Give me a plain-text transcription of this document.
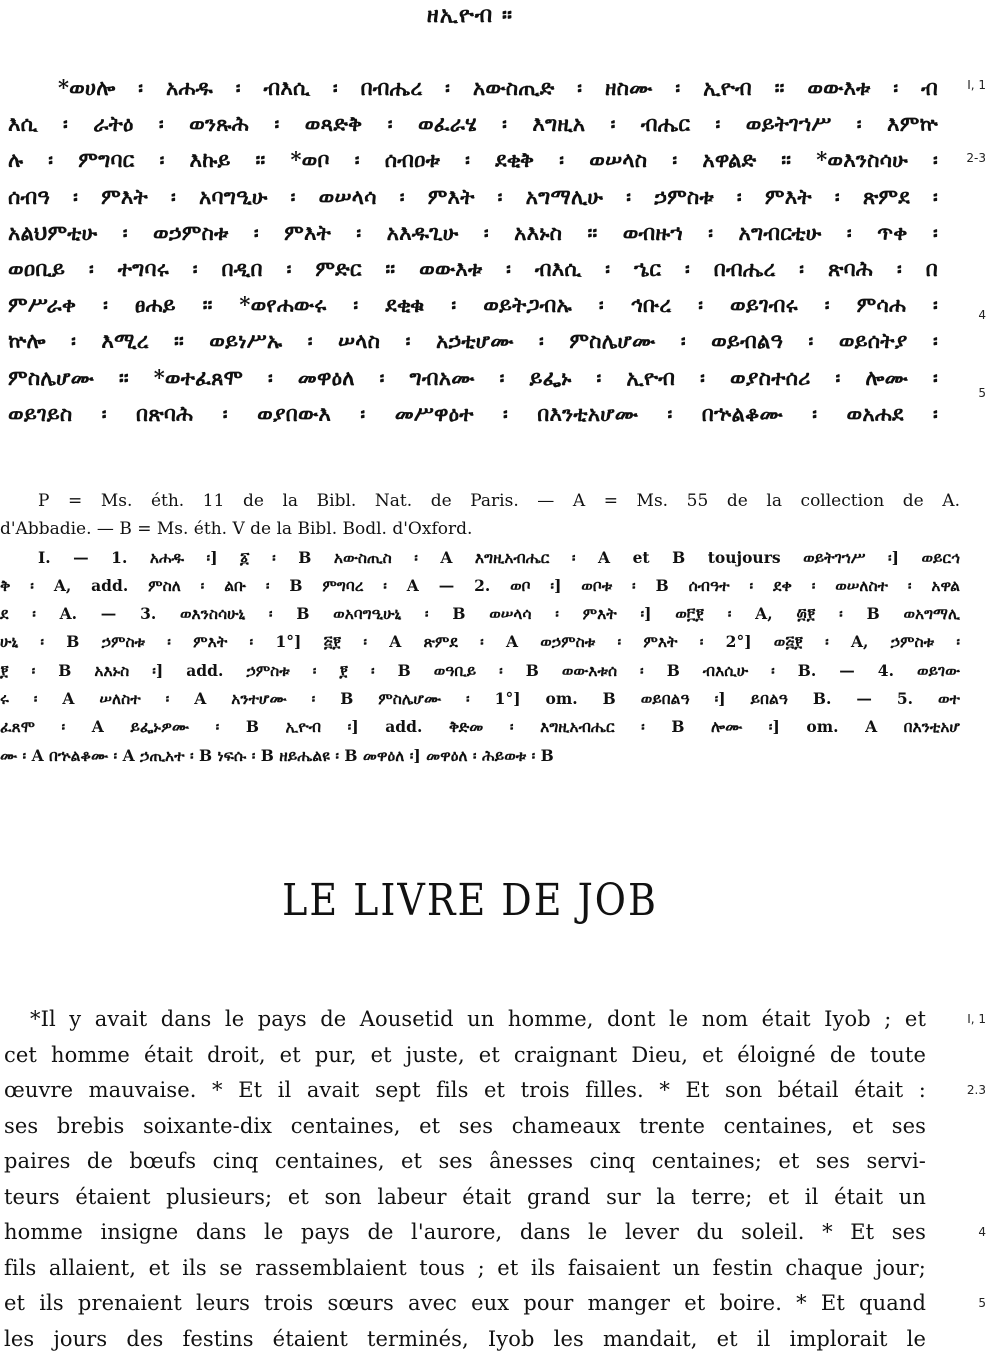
ዘኢዮብ ።
*ወሀሎ ፡ አሐዱ ፡ ብእሲ ፡ በብሔረ ፡ አውስጢድ ፡ ዘስሙ ፡ ኢዮብ ። ወውእቱ ፡ ብ
እሲ ፡ ራትዕ ፡ ወንጹሕ ፡ ወጻድቅ ፡ ወፈራሄ ፡ እግዚአ ፡ ብሔር ፡ ወይትገኀሥ ፡ እምኵ
ሉ ፡ ምግባር ፡ እኩይ ። *ወቦ ፡ ሰብዐቱ ፡ ደቂቅ ፡ ወሠላስ ፡ አዋልድ ። *ወእንስሳሁ ፡
ሰብዓ ፡ ምእት ፡ አባግዒሁ ፡ ወሠላሳ ፡ ምእት ፡ አግማሊሁ ፡ ኃምስቱ ፡ ምእት ፡ ጽምደ ፡
አልህምቲሁ ፡ ወኃምስቱ ፡ ምእት ፡ አእዱጊሁ ፡ አእኑስ ። ወብዙኀ ፡ አግብርቲሁ ፡ ጥቀ ፡
ወዐቢይ ፡ ተግባሩ ፡ በዲበ ፡ ምድር ። ወውእቱ ፡ ብእሲ ፡ ኄር ፡ በብሔረ ፡ ጽባሕ ፡ በ
ምሥራቀ ፡ ፀሐይ ። *ወየሐውሩ ፡ ደቂቁ ፡ ወይትጋብኡ ፡ ኅቡረ ፡ ወይገብሩ ፡ ምሳሐ ፡
ኵሎ ፡ እሚረ ። ወይነሥኡ ፡ ሠላስ ፡ አኃቲሆሙ ፡ ምስሌሆሙ ፡ ወይብልዓ ፡ ወይሰትያ ፡
ምስሌሆሙ ። *ወተፈጸሞ ፡ መዋዕለ ፡ ግብአሙ ፡ ይፌኑ ፡ ኢዮብ ፡ ወያስተሰሪ ፡ ሎሙ ፡
ወይገይስ ፡ በጽባሕ ፡ ወያበውእ ፡ መሥዋዕተ ፡ በእንቲአሆሙ ፡ በኍልቆሙ ፡ ወአሐደ ፡
I, 1
2-3
4
5
P = Ms. éth. 11 de la Bibl. Nat. de Paris. — A = Ms. 55 de la collection de A.
d'Abbadie. — B = Ms. éth. V de la Bibl. Bodl. d'Oxford.
I. — 1. አሐዱ ፡] ፩ ፡ B አውስጢስ ፡ A እግዚአብሔር ፡ A et B toujours ወይትገኀሥ ፡] ወይርኅ
ቅ ፡ A, add. ምስለ ፡ ልቡ ፡ B ምግባረ ፡ A — 2. ወቦ ፡] ወቦቱ ፡ B ሰብዓተ ፡ ደቀ ፡ ወሠለስተ ፡ አዋል
ደ ፡ A. — 3. ወእንስሳሁኒ ፡ B ወአባግዒሁኒ ፡ B ወሠላሳ ፡ ምእት ፡] ወ፫፻ ፡ A, ፴፻ ፡ B ወአግማሊ
ሁኒ ፡ B ኃምስቱ ፡ ምእት ፡ 1°] ፭፻ ፡ A ጽምደ ፡ A ወኃምስቱ ፡ ምእት ፡ 2°] ወ፭፻ ፡ A, ኃምስቱ ፡
፻ ፡ B አእኑስ ፡] add. ኃምስቱ ፡ ፻ ፡ B ወዓቢይ ፡ B ወውእቱሰ ፡ B ብእሲሁ ፡ B. — 4. ወይገው
ሩ ፡ A ሠለስተ ፡ A አንተሆሙ ፡ B ምስሌሆሙ ፡ 1°] om. B ወይበልዓ ፡] ይበልዓ B. — 5. ወተ
ፈጸሞ ፡ A ይፌኑዎሙ ፡ B ኢዮብ ፡] add. ቅድመ ፡ እግዚአብሔር ፡ B ሎሙ ፡] om. A በእንቲአሆ
ሙ ፡ A በኍልቆሙ ፡ A ኃጢአተ ፡ B ነፍሱ ፡ B ዘይሔልዩ ፡ B መዋዕለ ፡] መዋዕለ ፡ ሕይወቱ ፡ B
LE LIVRE DE JOB
*Il y avait dans le pays de Aousetid un homme, dont le nom était Iyob ; et
cet homme était droit, et pur, et juste, et craignant Dieu, et éloigné de toute
œuvre mauvaise. * Et il avait sept fils et trois filles. * Et son bétail était :
ses brebis soixante-dix centaines, et ses chameaux trente centaines, et ses
paires de bœufs cinq centaines, et ses ânesses cinq centaines; et ses servi-
teurs étaient plusieurs; et son labeur était grand sur la terre; et il était un
homme insigne dans le pays de l'aurore, dans le lever du soleil. * Et ses
fils allaient, et ils se rassemblaient tous ; et ils faisaient un festin chaque jour;
et ils prenaient leurs trois sœurs avec eux pour manger et boire. * Et quand
les jours des festins étaient terminés, Iyob les mandait, et il implorait le
I, 1
2.3
4
5
